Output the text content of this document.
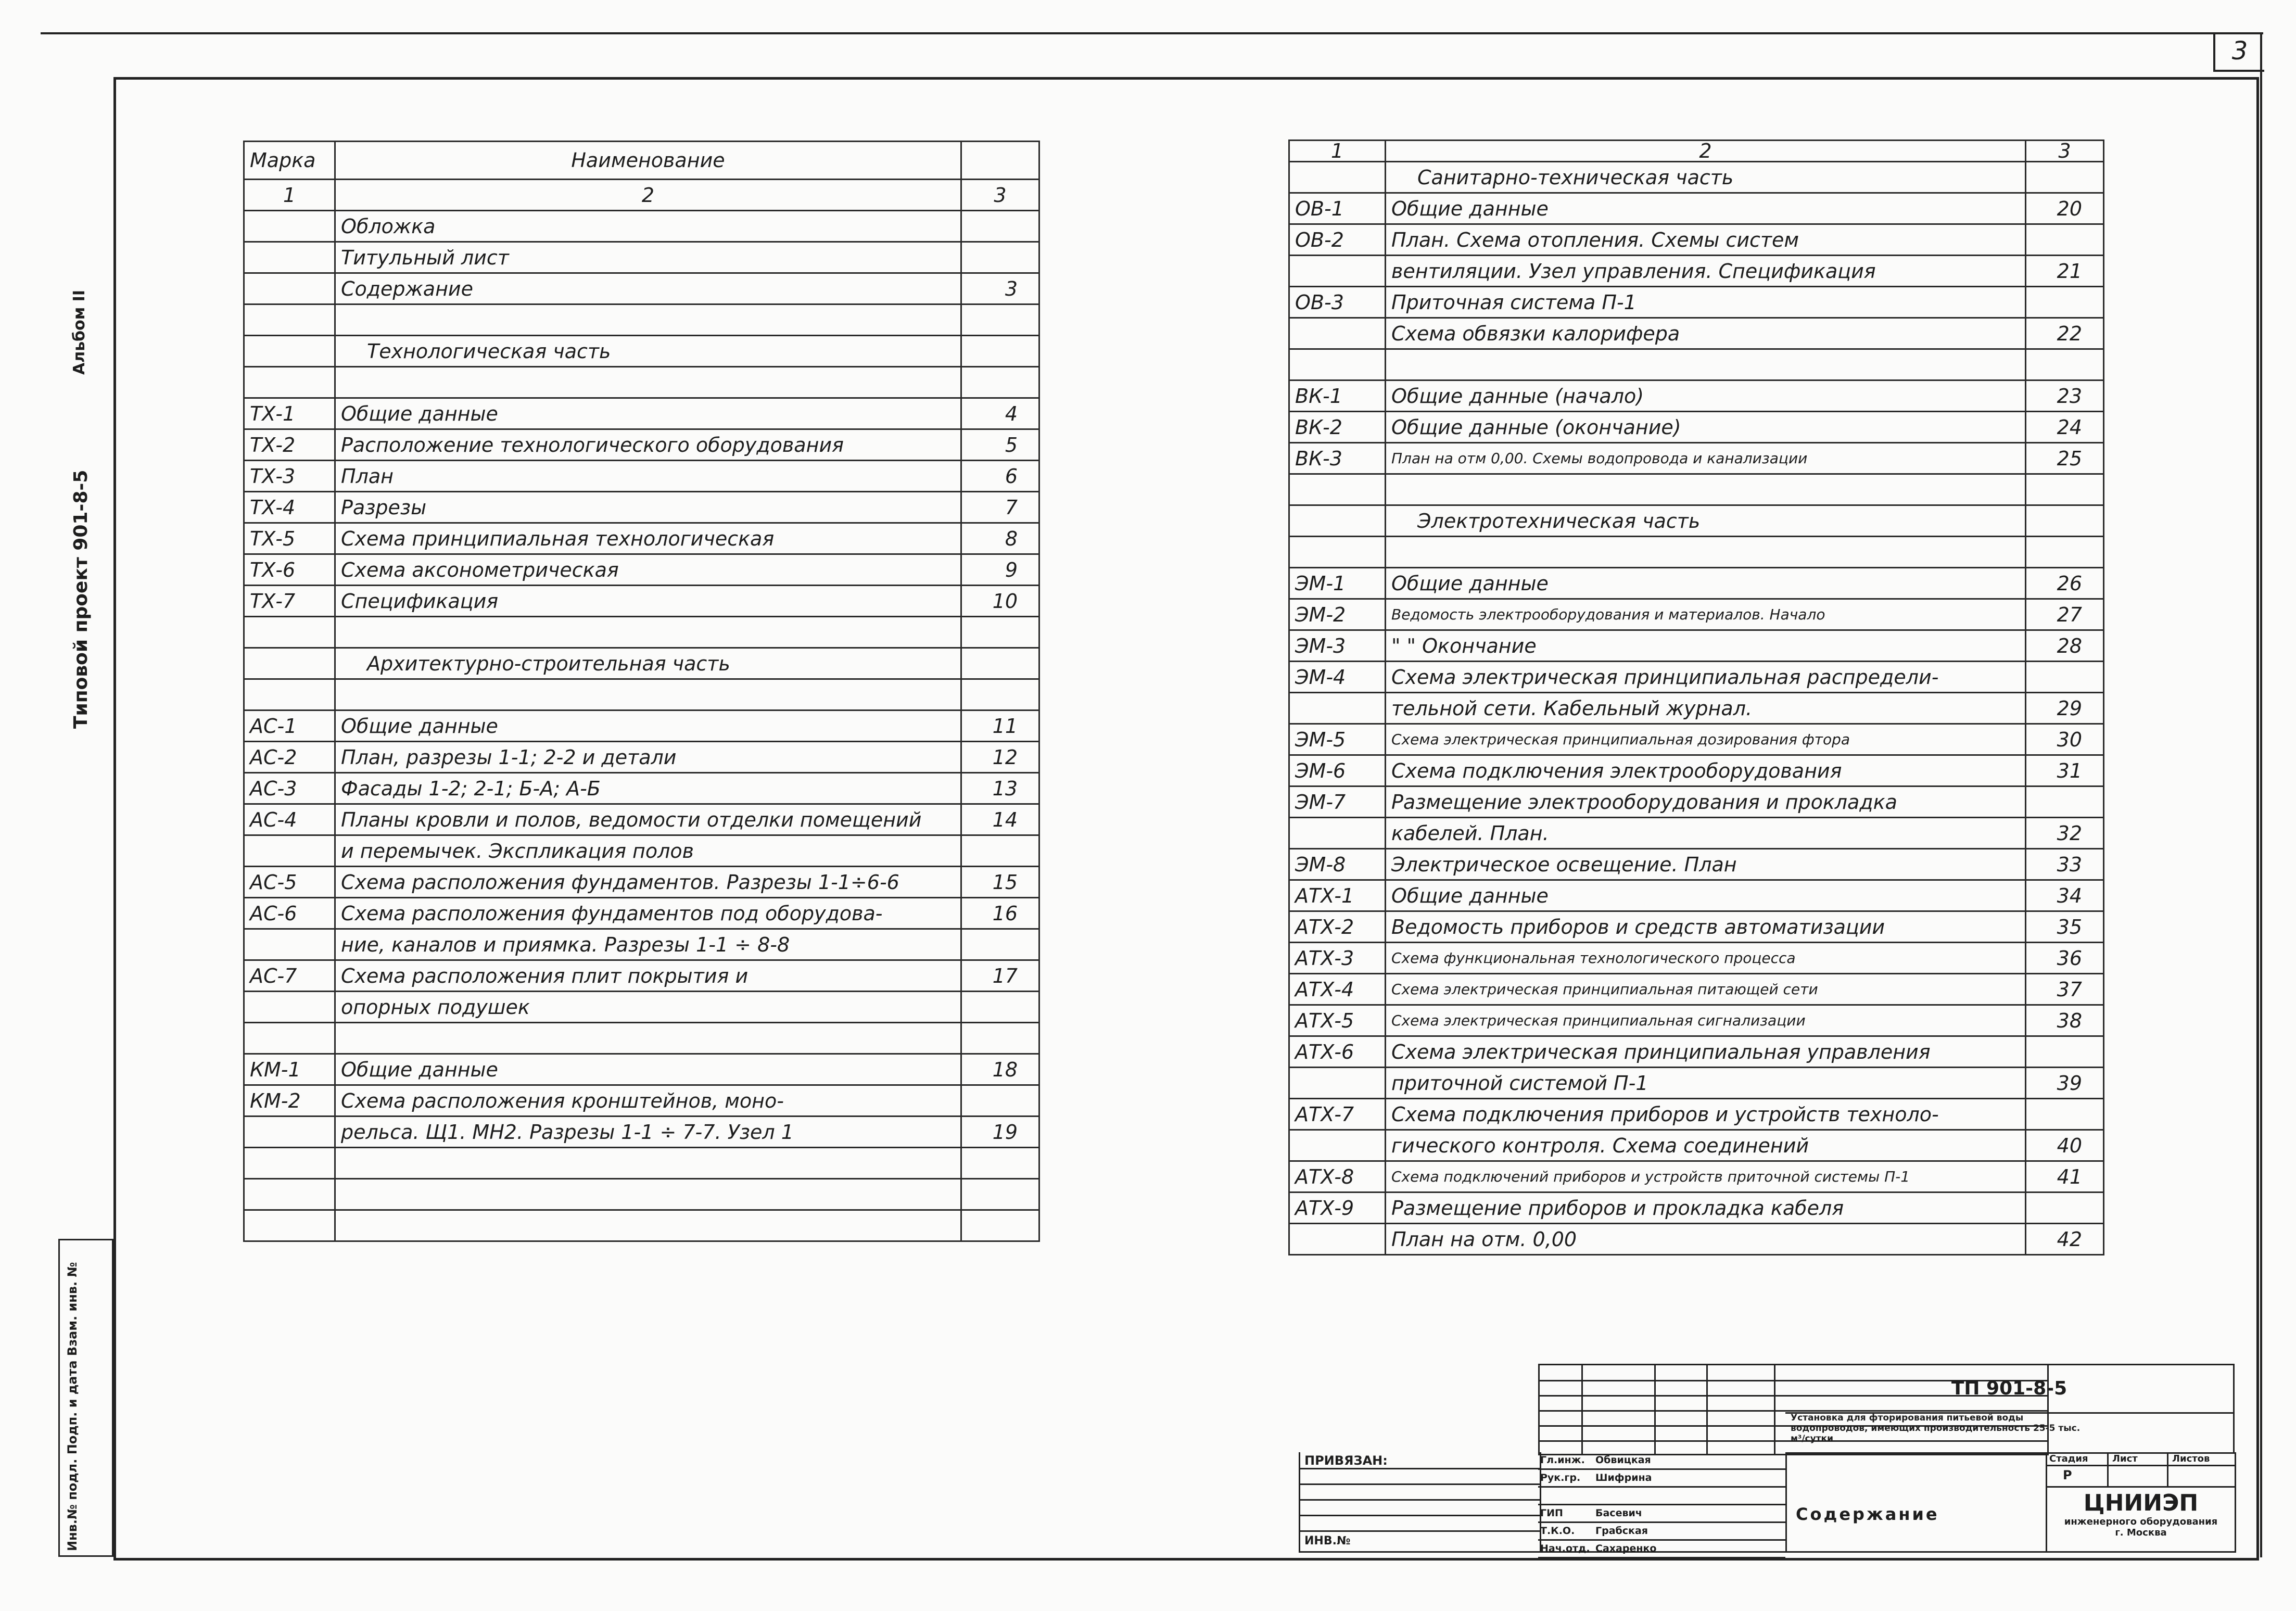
3
Типовой проект 901-8-5
Альбом II
Инв.№ подл. Подп. и дата Взам. инв. №
Марка	Наименование	
1	2	3
	Обложка	
	Титульный лист	
	Содержание	3

	Технологическая часть	

ТХ-1	Общие данные	4
ТХ-2	Расположение технологического оборудования	5
ТХ-3	План	6
ТХ-4	Разрезы	7
ТХ-5	Схема принципиальная технологическая	8
ТХ-6	Схема аксонометрическая	9
ТХ-7	Спецификация	10

	Архитектурно-строительная часть	

АС-1	Общие данные	11
АС-2	План, разрезы 1-1; 2-2 и детали	12
АС-3	Фасады 1-2; 2-1; Б-А; А-Б	13
АС-4	Планы кровли и полов, ведомости отделки помещений	14
	и перемычек. Экспликация полов	
АС-5	Схема расположения фундаментов. Разрезы 1-1÷6-6	15
АС-6	Схема расположения фундаментов под оборудова-	16
	ние, каналов и приямка. Разрезы 1-1 ÷ 8-8	
АС-7	Схема расположения плит покрытия и	17
	опорных подушек	

КМ-1	Общие данные	18
КМ-2	Схема расположения кронштейнов, моно-	
	рельса. Щ1. МН2. Разрезы 1-1 ÷ 7-7. Узел 1	19

1	2	3
	Санитарно-техническая часть	
ОВ-1	Общие данные	20
ОВ-2	План. Схема отопления. Схемы систем	
	вентиляции. Узел управления. Спецификация	21
ОВ-3	Приточная система П-1	
	Схема обвязки калорифера	22

ВК-1	Общие данные (начало)	23
ВК-2	Общие данные (окончание)	24
ВК-3	План на отм 0,00. Схемы водопровода и канализации	25

	Электротехническая часть	

ЭМ-1	Общие данные	26
ЭМ-2	Ведомость электрооборудования и материалов. Начало	27
ЭМ-3	" " Окончание	28
ЭМ-4	Схема электрическая принципиальная распредели-	
	тельной сети. Кабельный журнал.	29
ЭМ-5	Схема электрическая принципиальная дозирования фтора	30
ЭМ-6	Схема подключения электрооборудования	31
ЭМ-7	Размещение электрооборудования и прокладка	
	кабелей. План.	32
ЭМ-8	Электрическое освещение. План	33
АТХ-1	Общие данные	34
АТХ-2	Ведомость приборов и средств автоматизации	35
АТХ-3	Схема функциональная технологического процесса	36
АТХ-4	Схема электрическая принципиальная питающей сети	37
АТХ-5	Схема электрическая принципиальная сигнализации	38
АТХ-6	Схема электрическая принципиальная управления	
	приточной системой П-1	39
АТХ-7	Схема подключения приборов и устройств техноло-	
	гического контроля. Схема соединений	40
АТХ-8	Схема подключений приборов и устройств приточной системы П-1	41
АТХ-9	Размещение приборов и прокладка кабеля	
	План на отм. 0,00	42
ТП 901-8-5
Установка для фторирования питьевой воды водопроводов, имеющих производительность 25-5 тыс. м³/сутки
ПРИВЯЗАН:
ИНВ.№
Гл.инж. Обвицкая
Рук.гр. Шифрина
ГИП	Басевич
Т.К.О. Грабская
Нач.отд. Сахаренко
Содержание
Стадия	Лист	Листов
Р
ЦНИИЭП
инженерного оборудования
г. Москва
